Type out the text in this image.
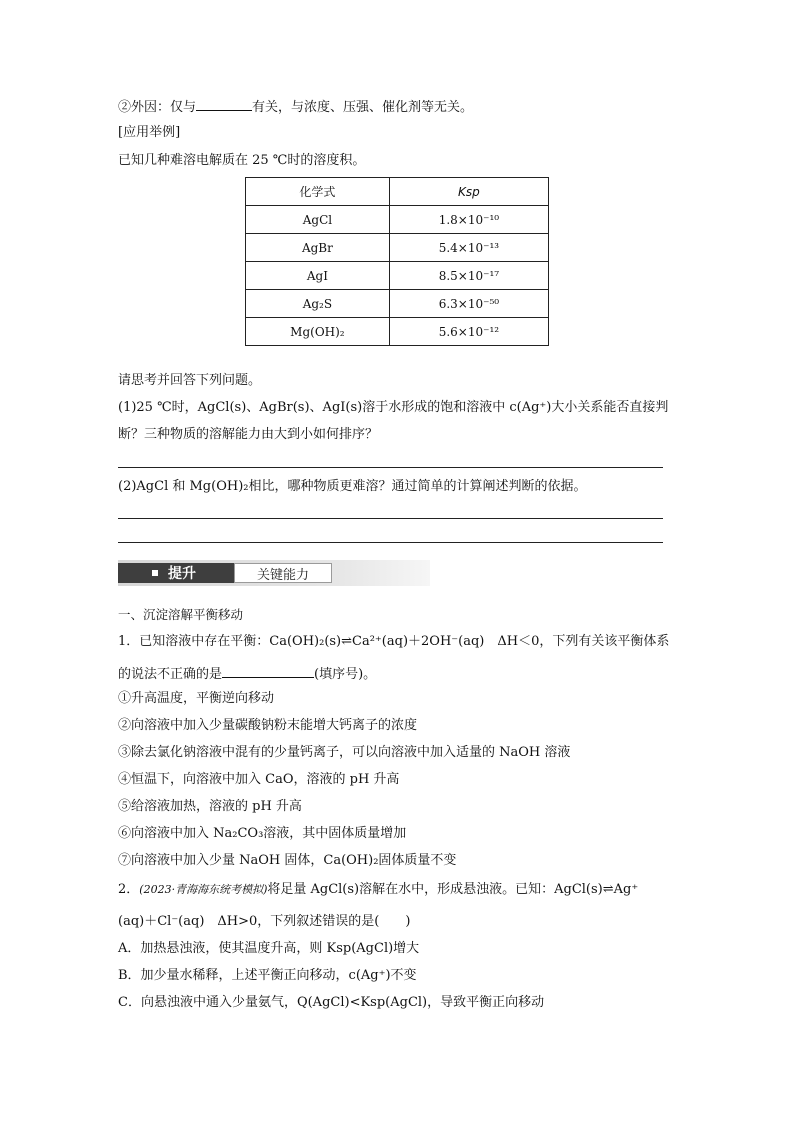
②外因：仅与	有关，与浓度、压强、催化剂等无关。
[应用举例]
已知几种难溶电解质在 25 ℃时的溶度积。
化学式	Ksp
AgCl	1.8×10⁻¹⁰
AgBr	5.4×10⁻¹³
AgI	8.5×10⁻¹⁷
Ag₂S	6.3×10⁻⁵⁰
Mg(OH)₂	5.6×10⁻¹²
请思考并回答下列问题。
(1)25 ℃时，AgCl(s)、AgBr(s)、AgI(s)溶于水形成的饱和溶液中 c(Ag⁺)大小关系能否直接判
断？三种物质的溶解能力由大到小如何排序？
(2)AgCl 和 Mg(OH)₂相比，哪种物质更难溶？通过简单的计算阐述判断的依据。
提升	关键能力
一、沉淀溶解平衡移动
1．已知溶液中存在平衡：Ca(OH)₂(s)⇌Ca²⁺(aq)＋2OH⁻(aq)　ΔH＜0，下列有关该平衡体系
的说法不正确的是	(填序号)。
①升高温度，平衡逆向移动
②向溶液中加入少量碳酸钠粉末能增大钙离子的浓度
③除去氯化钠溶液中混有的少量钙离子，可以向溶液中加入适量的 NaOH 溶液
④恒温下，向溶液中加入 CaO，溶液的 pH 升高
⑤给溶液加热，溶液的 pH 升高
⑥向溶液中加入 Na₂CO₃溶液，其中固体质量增加
⑦向溶液中加入少量 NaOH 固体，Ca(OH)₂固体质量不变
2．(2023·青海海东统考模拟)将足量 AgCl(s)溶解在水中，形成悬浊液。已知：AgCl(s)⇌Ag⁺
(aq)＋Cl⁻(aq)　ΔH>0，下列叙述错误的是(　　)
A．加热悬浊液，使其温度升高，则 Ksp(AgCl)增大
B．加少量水稀释，上述平衡正向移动，c(Ag⁺)不变
C．向悬浊液中通入少量氨气，Q(AgCl)<Ksp(AgCl)，导致平衡正向移动
